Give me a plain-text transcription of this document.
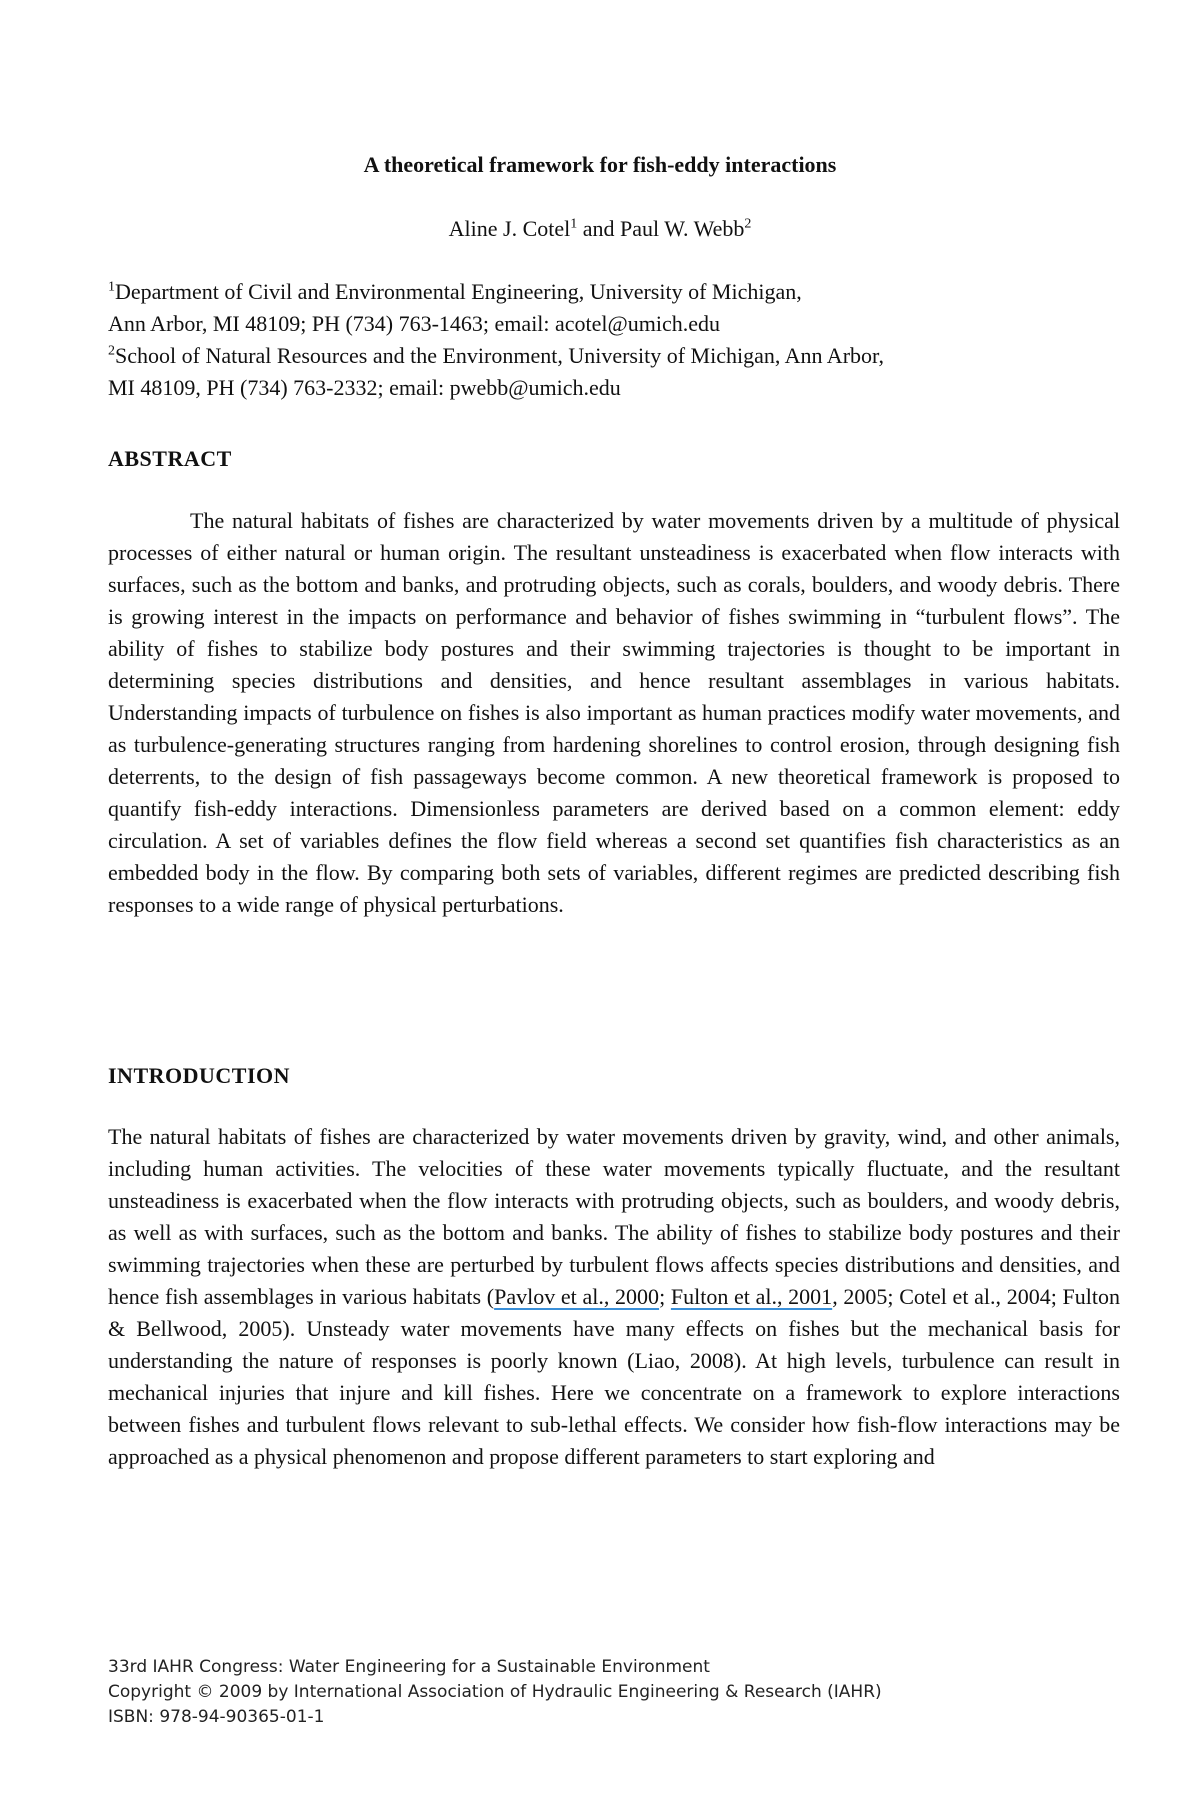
A theoretical framework for fish-eddy interactions
Aline J. Cotel$^1$ and Paul W. Webb$^2$
$^1$Department of Civil and Environmental Engineering, University of Michigan,
Ann Arbor, MI 48109; PH (734) 763-1463; email: acotel@umich.edu
$^2$School of Natural Resources and the Environment, University of Michigan, Ann Arbor,
MI 48109, PH (734) 763-2332; email: pwebb@umich.edu
ABSTRACT
The natural habitats of fishes are characterized by water movements driven by a multitude of physical processes of either natural or human origin. The resultant unsteadiness is exacerbated when flow interacts with surfaces, such as the bottom and banks, and protruding objects, such as corals, boulders, and woody debris. There is growing interest in the impacts on performance and behavior of fishes swimming in “turbulent flows”. The ability of fishes to stabilize body postures and their swimming trajectories is thought to be important in determining species distributions and densities, and hence resultant assemblages in various habitats. Understanding impacts of turbulence on fishes is also important as human practices modify water movements, and as turbulence-generating structures ranging from hardening shorelines to control erosion, through designing fish deterrents, to the design of fish passageways become common. A new theoretical framework is proposed to quantify fish-eddy interactions. Dimensionless parameters are derived based on a common element: eddy circulation. A set of variables defines the flow field whereas a second set quantifies fish characteristics as an embedded body in the flow. By comparing both sets of variables, different regimes are predicted describing fish responses to a wide range of physical perturbations.
INTRODUCTION
The natural habitats of fishes are characterized by water movements driven by gravity, wind, and other animals, including human activities. The velocities of these water movements typically fluctuate, and the resultant unsteadiness is exacerbated when the flow interacts with protruding objects, such as boulders, and woody debris, as well as with surfaces, such as the bottom and banks. The ability of fishes to stabilize body postures and their swimming trajectories when these are perturbed by turbulent flows affects species distributions and densities, and hence fish assemblages in various habitats (Pavlov et al., 2000; Fulton et al., 2001, 2005; Cotel et al., 2004; Fulton & Bellwood, 2005). Unsteady water movements have many effects on fishes but the mechanical basis for understanding the nature of responses is poorly known (Liao, 2008). At high levels, turbulence can result in mechanical injuries that injure and kill fishes. Here we concentrate on a framework to explore interactions between fishes and turbulent flows relevant to sub-lethal effects. We consider how fish-flow interactions may be approached as a physical phenomenon and propose different parameters to start exploring and
33rd IAHR Congress: Water Engineering for a Sustainable Environment
Copyright © 2009 by International Association of Hydraulic Engineering & Research (IAHR)
ISBN: 978-94-90365-01-1
